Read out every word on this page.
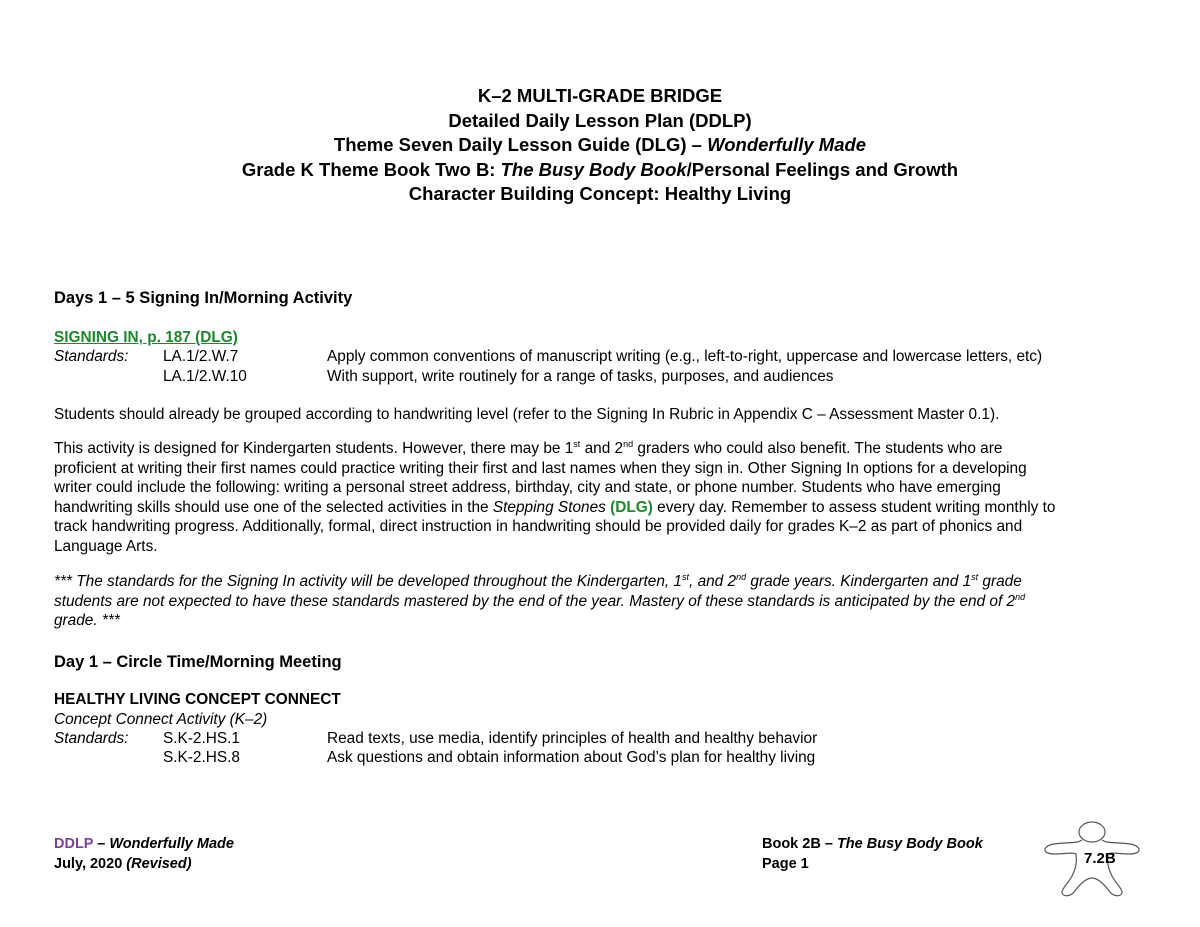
K–2 MULTI-GRADE BRIDGE
Detailed Daily Lesson Plan (DDLP)
Theme Seven Daily Lesson Guide (DLG) – Wonderfully Made
Grade K Theme Book Two B: The Busy Body Book/Personal Feelings and Growth
Character Building Concept: Healthy Living
Days 1 – 5 Signing In/Morning Activity
SIGNING IN, p. 187 (DLG)
Standards: LA.1/2.W.7	Apply common conventions of manuscript writing (e.g., left-to-right, uppercase and lowercase letters, etc)
LA.1/2.W.10	With support, write routinely for a range of tasks, purposes, and audiences
Students should already be grouped according to handwriting level (refer to the Signing In Rubric in Appendix C – Assessment Master 0.1).
This activity is designed for Kindergarten students. However, there may be 1st and 2nd graders who could also benefit. The students who are
proficient at writing their first names could practice writing their first and last names when they sign in. Other Signing In options for a developing
writer could include the following: writing a personal street address, birthday, city and state, or phone number. Students who have emerging
handwriting skills should use one of the selected activities in the Stepping Stones (DLG) every day. Remember to assess student writing monthly to
track handwriting progress. Additionally, formal, direct instruction in handwriting should be provided daily for grades K–2 as part of phonics and
Language Arts.
*** The standards for the Signing In activity will be developed throughout the Kindergarten, 1st, and 2nd grade years. Kindergarten and 1st grade
students are not expected to have these standards mastered by the end of the year. Mastery of these standards is anticipated by the end of 2nd
grade. ***
Day 1 – Circle Time/Morning Meeting
HEALTHY LIVING CONCEPT CONNECT
Concept Connect Activity (K–2)
Standards: S.K-2.HS.1	Read texts, use media, identify principles of health and healthy behavior
S.K-2.HS.8	Ask questions and obtain information about God’s plan for healthy living
DDLP – Wonderfully Made
July, 2020 (Revised)
Book 2B – The Busy Body Book
Page 1	7.2B
